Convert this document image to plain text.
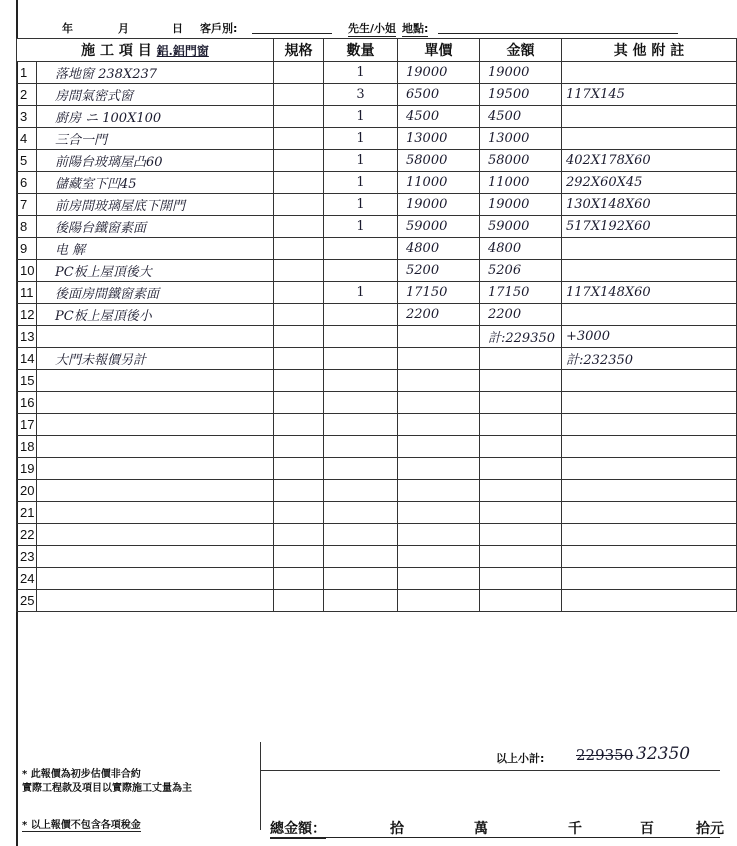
年	月	日 客戶別:	先生/小姐 地點:
施 工 項 目 鋁.鋁門窗		規格	數量	單價	金額	其 他 附 註
1	落地窗 238X237		1	19000	19000	
2	房間氣密式窗		3	6500	19500	117X145
3	廚房 ニ 100X100		1	4500	4500	
4	三合一門		1	13000	13000	
5	前陽台玻璃屋凸60		1	58000	58000	402X178X60
6	儲藏室下凹45		1	11000	11000	292X60X45
7	前房間玻璃屋底下開門		1	19000	19000	130X148X60
8	後陽台鐵窗素面		1	59000	59000	517X192X60
9	电 解			4800	4800	
10	PC板上屋頂後大			5200	5206	
11	後面房間鐵窗素面		1	17150	17150	117X148X60
12	PC板上屋頂後小			2200	2200	
13					計:229350	+3000
14	大門未報價另計					計:232350
15						
16						
17						
18						
19						
20						
21						
22						
23						
24						
25						
以上小計: 229350 32350
* 此報價為初步估價非合約
實際工程款及項目以實際施工丈量為主
* 以上報價不包含各項稅金	總金額：	拾	萬	千	百	拾元
